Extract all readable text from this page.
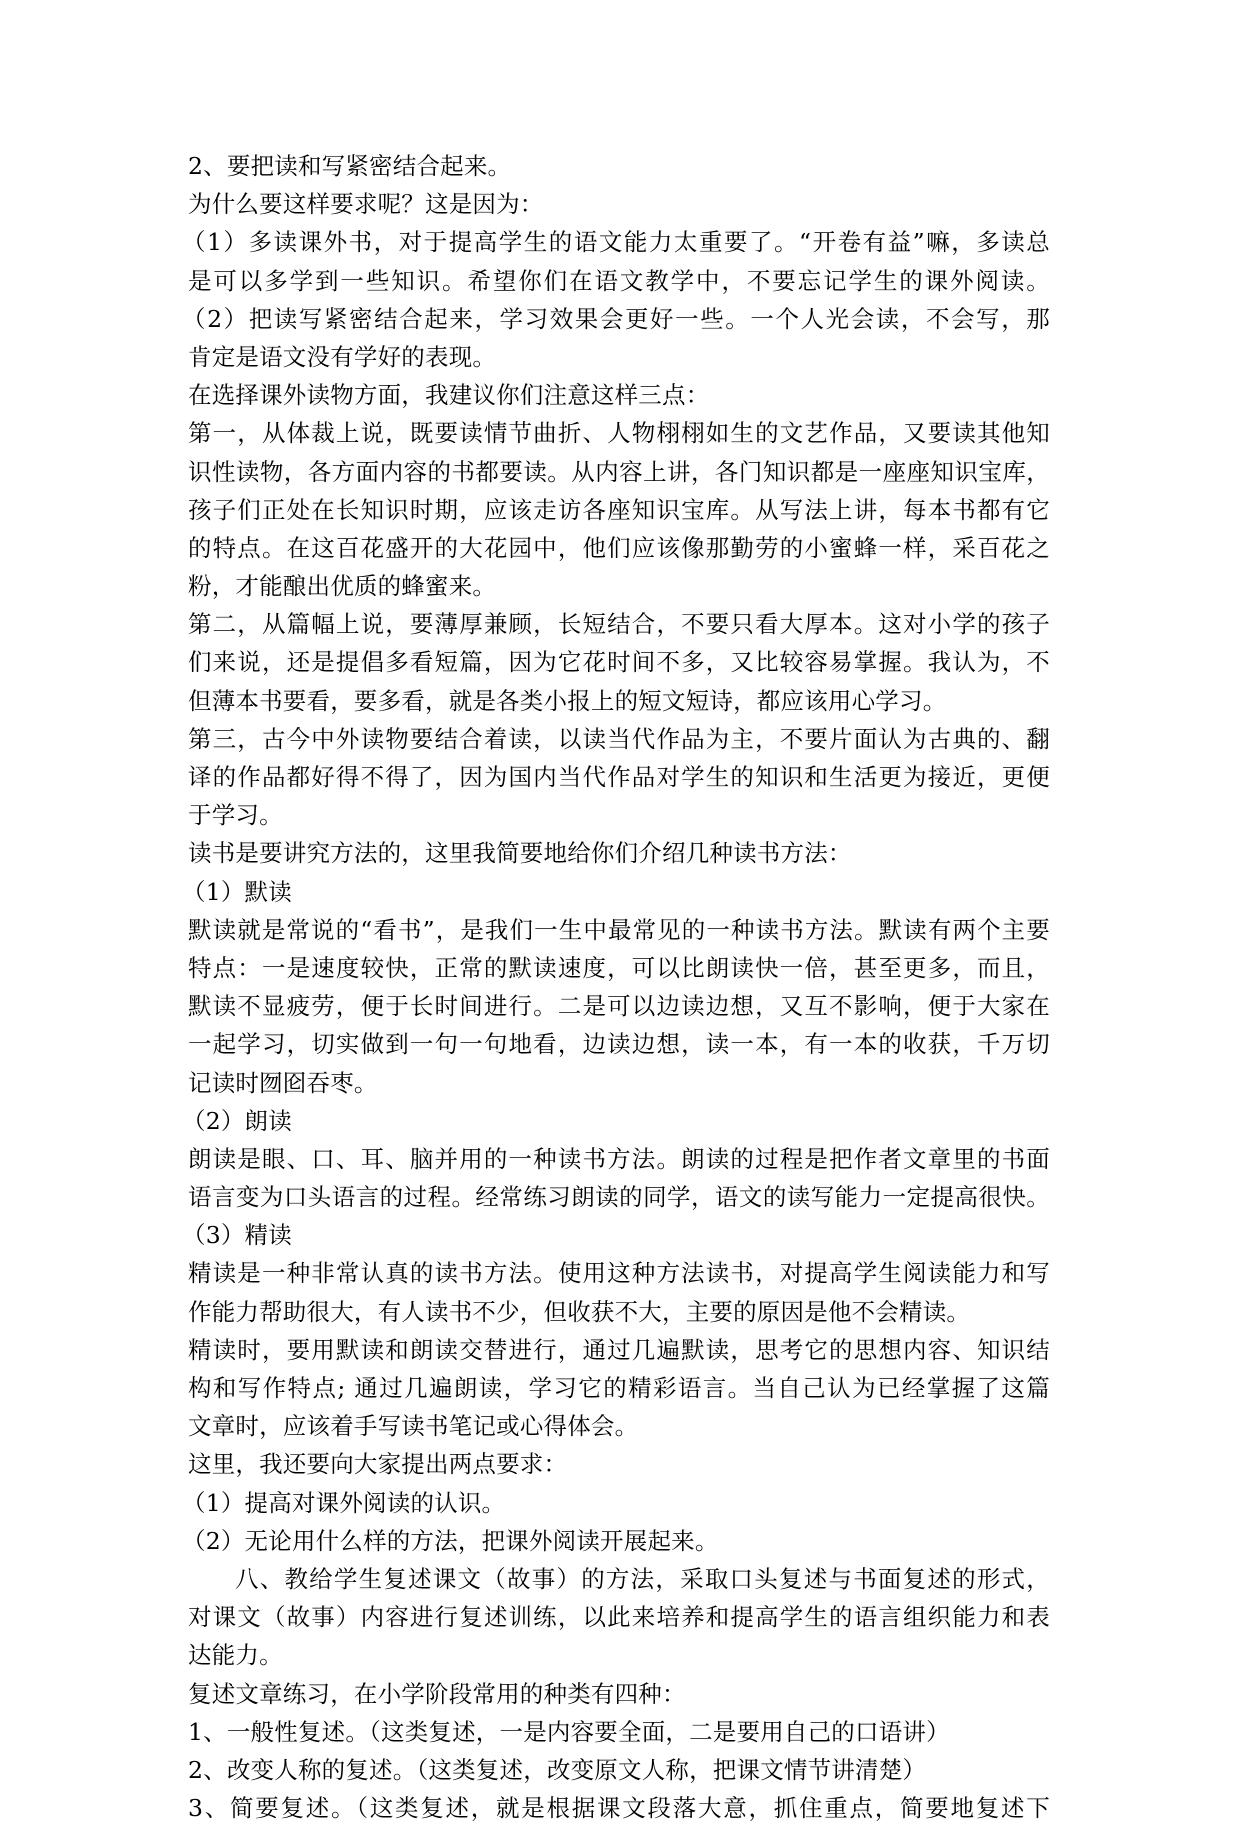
2、要把读和写紧密结合起来。
为什么要这样要求呢？这是因为：
（1）多读课外书，对于提高学生的语文能力太重要了。“开卷有益”嘛，多读总
是可以多学到一些知识。希望你们在语文教学中，不要忘记学生的课外阅读。
（2）把读写紧密结合起来，学习效果会更好一些。一个人光会读，不会写，那
肯定是语文没有学好的表现。
在选择课外读物方面，我建议你们注意这样三点：
第一，从体裁上说，既要读情节曲折、人物栩栩如生的文艺作品，又要读其他知
识性读物，各方面内容的书都要读。从内容上讲，各门知识都是一座座知识宝库，
孩子们正处在长知识时期，应该走访各座知识宝库。从写法上讲，每本书都有它
的特点。在这百花盛开的大花园中，他们应该像那勤劳的小蜜蜂一样，采百花之
粉，才能酿出优质的蜂蜜来。
第二，从篇幅上说，要薄厚兼顾，长短结合，不要只看大厚本。这对小学的孩子
们来说，还是提倡多看短篇，因为它花时间不多，又比较容易掌握。我认为，不
但薄本书要看，要多看，就是各类小报上的短文短诗，都应该用心学习。
第三，古今中外读物要结合着读，以读当代作品为主，不要片面认为古典的、翻
译的作品都好得不得了，因为国内当代作品对学生的知识和生活更为接近，更便
于学习。
读书是要讲究方法的，这里我简要地给你们介绍几种读书方法：
（1）默读
默读就是常说的“看书”，是我们一生中最常见的一种读书方法。默读有两个主要
特点：一是速度较快，正常的默读速度，可以比朗读快一倍，甚至更多，而且，
默读不显疲劳，便于长时间进行。二是可以边读边想，又互不影响，便于大家在
一起学习，切实做到一句一句地看，边读边想，读一本，有一本的收获，千万切
记读时囫囵吞枣。
（2）朗读
朗读是眼、口、耳、脑并用的一种读书方法。朗读的过程是把作者文章里的书面
语言变为口头语言的过程。经常练习朗读的同学，语文的读写能力一定提高很快。
（3）精读
精读是一种非常认真的读书方法。使用这种方法读书，对提高学生阅读能力和写
作能力帮助很大，有人读书不少，但收获不大，主要的原因是他不会精读。
精读时，要用默读和朗读交替进行，通过几遍默读，思考它的思想内容、知识结
构和写作特点; 通过几遍朗读，学习它的精彩语言。当自己认为已经掌握了这篇
文章时，应该着手写读书笔记或心得体会。
这里，我还要向大家提出两点要求：
（1）提高对课外阅读的认识。
（2）无论用什么样的方法，把课外阅读开展起来。
八、教给学生复述课文（故事）的方法，采取口头复述与书面复述的形式，
对课文（故事）内容进行复述训练，以此来培养和提高学生的语言组织能力和表
达能力。
复述文章练习，在小学阶段常用的种类有四种：
1、一般性复述。（这类复述，一是内容要全面，二是要用自己的口语讲）
2、改变人称的复述。（这类复述，改变原文人称，把课文情节讲清楚）
3、简要复述。（这类复述，就是根据课文段落大意，抓住重点，简要地复述下
